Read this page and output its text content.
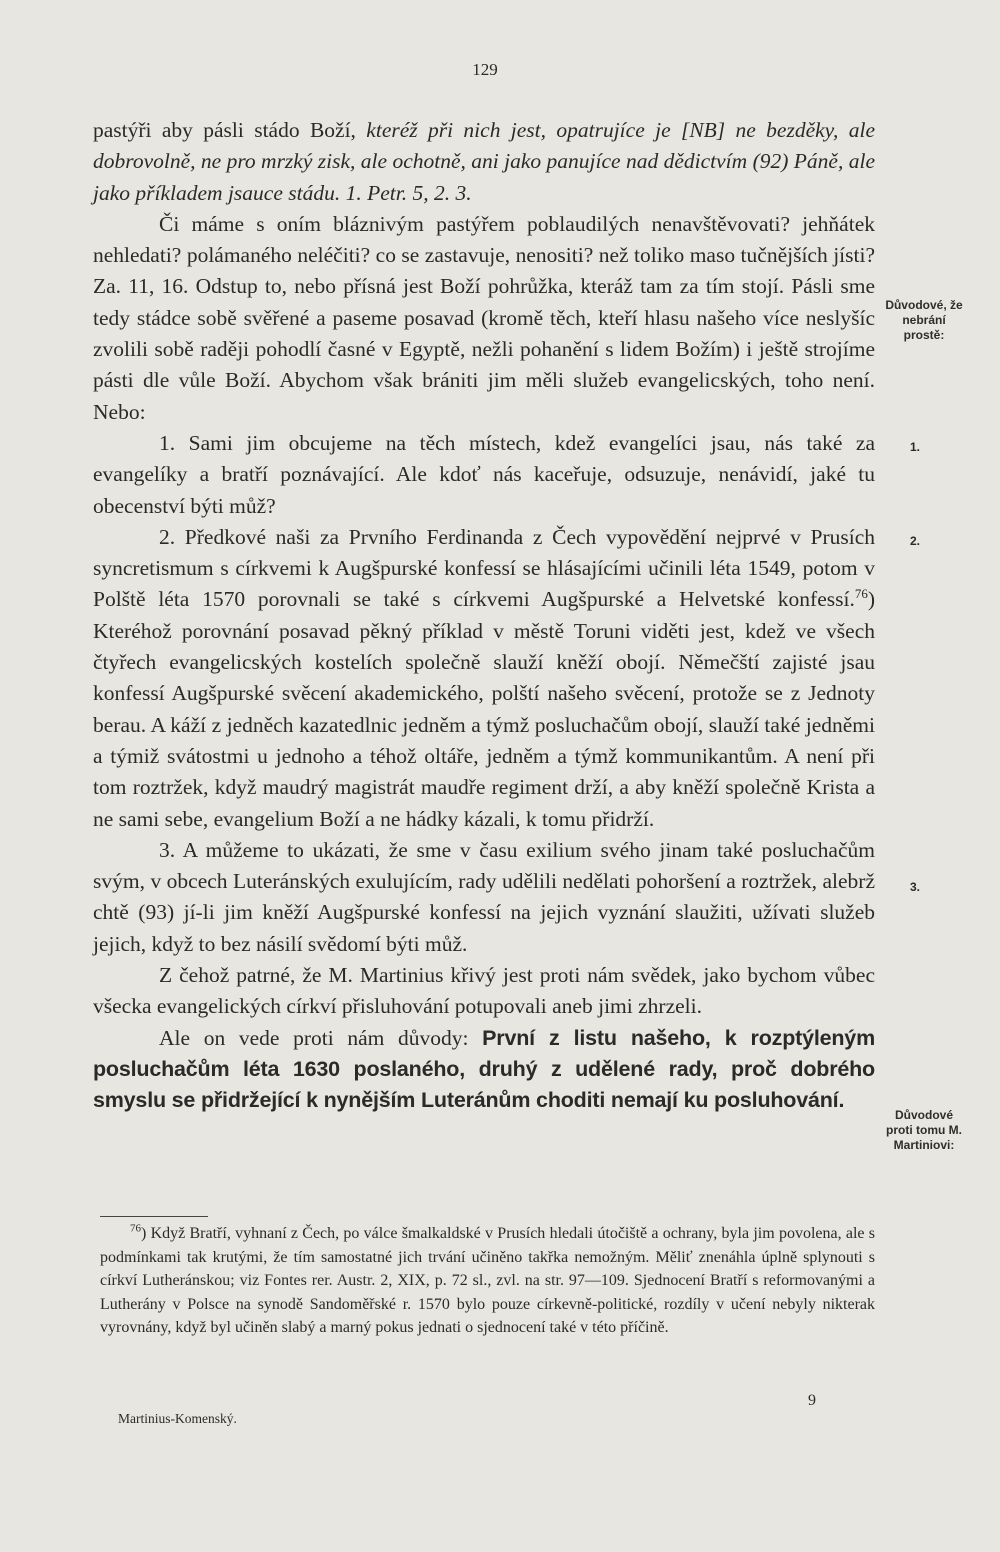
129

pastýři aby pásli stádo Boží, kteréž při nich jest, opatrujíce je [NB] ne bezděky, ale dobrovolně, ne pro mrzký zisk, ale ochotně, ani jako panujíce nad dědictvím (92) Páně, ale jako příkladem jsauce stádu. 1. Petr. 5, 2. 3.

Či máme s oním bláznivým pastýřem poblaudilých nenavštěvovati? jehňátek nehledati? polámaného neléčiti? co se zastavuje, nenositi? než toliko maso tučnějších jísti? Za. 11, 16. Odstup to, nebo přísná jest Boží pohrůžka, kteráž tam za tím stojí. Pásli sme tedy stádce sobě svěřené a paseme posavad (kromě těch, kteří hlasu našeho více neslyšíc zvolili sobě raději pohodlí časné v Egyptě, nežli pohanění s lidem Božím) i ještě strojíme pásti dle vůle Boží. Abychom však brániti jim měli služeb evangelicských, toho není. Nebo:

1. Sami jim obcujeme na těch místech, kdež evangelíci jsau, nás také za evangelíky a bratří poznávající. Ale kdoť nás kaceřuje, odsuzuje, nenávidí, jaké tu obecenství býti můž?

2. Předkové naši za Prvního Ferdinanda z Čech vypovědění nejprvé v Prusích syncretismum s církvemi k Augšpurské konfessí se hlásajícími učinili léta 1549, potom v Polště léta 1570 porovnali se také s církvemi Augšpurské a Helvetské konfessí.$^{76}$) Kteréhož porovnání posavad pěkný příklad v městě Toruni viděti jest, kdež ve všech čtyřech evangelicských kostelích společně slauží kněží obojí. Němečští zajisté jsau konfessí Augšpurské svěcení akademického, polští našeho svěcení, protože se z Jednoty berau. A káží z jedněch kazatedlnic jedněm a týmž posluchačům obojí, slauží také jedněmi a týmiž svátostmi u jednoho a téhož oltáře, jedněm a týmž kommunikantům. A není při tom roztržek, když maudrý magistrát maudře regiment drží, a aby kněží společně Krista a ne sami sebe, evangelium Boží a ne hádky kázali, k tomu přidrží.

3. A můžeme to ukázati, že sme v času exilium svého jinam také posluchačům svým, v obcech Luteránských exulujícím, rady udělili nedělati pohoršení a roztržek, alebrž chtě (93) jí-li jim kněží Augšpurské konfessí na jejich vyznání slaužiti, užívati služeb jejich, když to bez násilí svědomí býti můž.

Z čehož patrné, že M. Martinius křivý jest proti nám svědek, jako bychom vůbec všecka evangelických církví přisluhování potupovali aneb jimi zhrzeli.

Ale on vede proti nám důvody: První z listu našeho, k rozptýleným posluchačům léta 1630 poslaného, druhý z udělené rady, proč dobrého smyslu se přidržející k nynějším Luteránům choditi nemají ku posluhování.

Důvodové, že nebrání prostě:
1.
2.
3.
Důvodové proti tomu M. Martiniovi:

$^{76}$) Když Bratří, vyhnaní z Čech, po válce šmalkaldské v Prusích hledali útočiště a ochrany, byla jim povolena, ale s podmínkami tak krutými, že tím samostatné jich trvání učiněno takřka nemožným. Měliť znenáhla úplně splynouti s církví Lutheránskou; viz Fontes rer. Austr. 2, XIX, p. 72 sl., zvl. na str. 97—109. Sjednocení Bratří s reformovanými a Lutherány v Polsce na synodě Sandoměřské r. 1570 bylo pouze církevně-politické, rozdíly v učení nebyly nikterak vyrovnány, když byl učiněn slabý a marný pokus jednati o sjednocení také v této příčině.

Martinius-Komenský.
9
